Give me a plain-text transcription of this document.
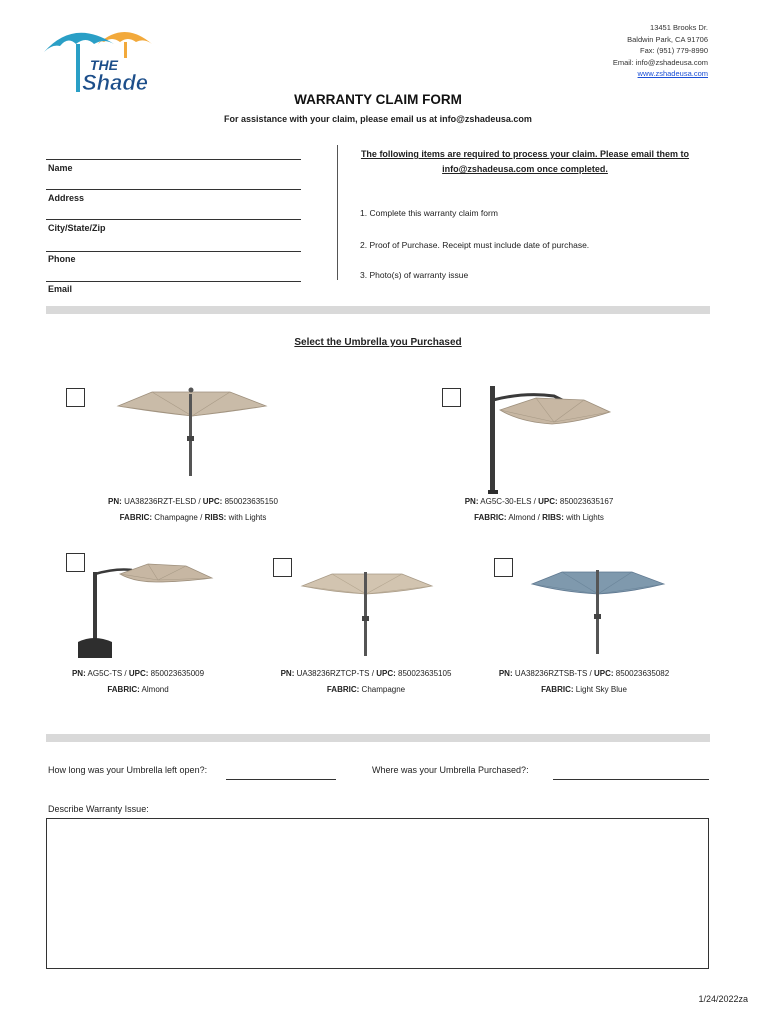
THE
Shade
13451 Brooks Dr.
Baldwin Park, CA 91706
Fax: (951) 779-8990
Email: info@zshadeusa.com
www.zshadeusa.com
WARRANTY CLAIM FORM
For assistance with your claim, please email us at info@zshadeusa.com
Name
Address
City/State/Zip
Phone
Email
The following items are required to process your claim. Please email them to
info@zshadeusa.com once completed.
1. Complete this warranty claim form
2. Proof of Purchase. Receipt must include date of purchase.
3. Photo(s) of warranty issue
Select the Umbrella you Purchased
PN: UA38236RZT-ELSD / UPC: 850023635150
FABRIC: Champagne / RIBS: with Lights
PN: AG5C-30-ELS / UPC: 850023635167
FABRIC: Almond / RIBS: with Lights
PN: AG5C-TS / UPC: 850023635009
FABRIC: Almond
PN: UA38236RZTCP-TS / UPC: 850023635105
FABRIC: Champagne
PN: UA38236RZTSB-TS / UPC: 850023635082
FABRIC: Light Sky Blue
How long was your Umbrella left open?:	Where was your Umbrella Purchased?:
Describe Warranty Issue:
1/24/2022za
